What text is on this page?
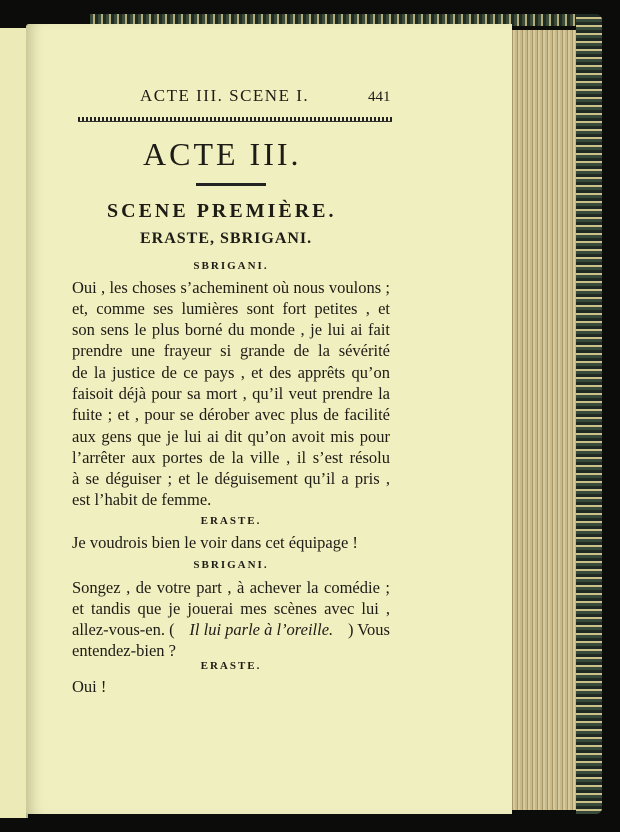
ACTE III. SCENE I.	441
ACTE III.
SCENE PREMIÈRE.
ERASTE, SBRIGANI.
SBRIGANI.
Oui , les choses s’acheminent où nous voulons ;
et, comme ses lumières sont fort petites , et
son sens le plus borné du monde , je lui ai fait
prendre une frayeur si grande de la sévérité
de la justice de ce pays , et des apprêts qu’on
faisoit déjà pour sa mort , qu’il veut prendre la
fuite ; et , pour se dérober avec plus de facilité
aux gens que je lui ai dit qu’on avoit mis pour
l’arrêter aux portes de la ville , il s’est résolu
à se déguiser ; et le déguisement qu’il a pris ,
est l’habit de femme.
ERASTE.
Je voudrois bien le voir dans cet équipage !
SBRIGANI.
Songez , de votre part , à achever la comédie ;
et tandis que je jouerai mes scènes avec lui ,
allez-vous-en. ( Il lui parle à l’oreille. ) Vous
entendez-bien ?
ERASTE.
Oui !
